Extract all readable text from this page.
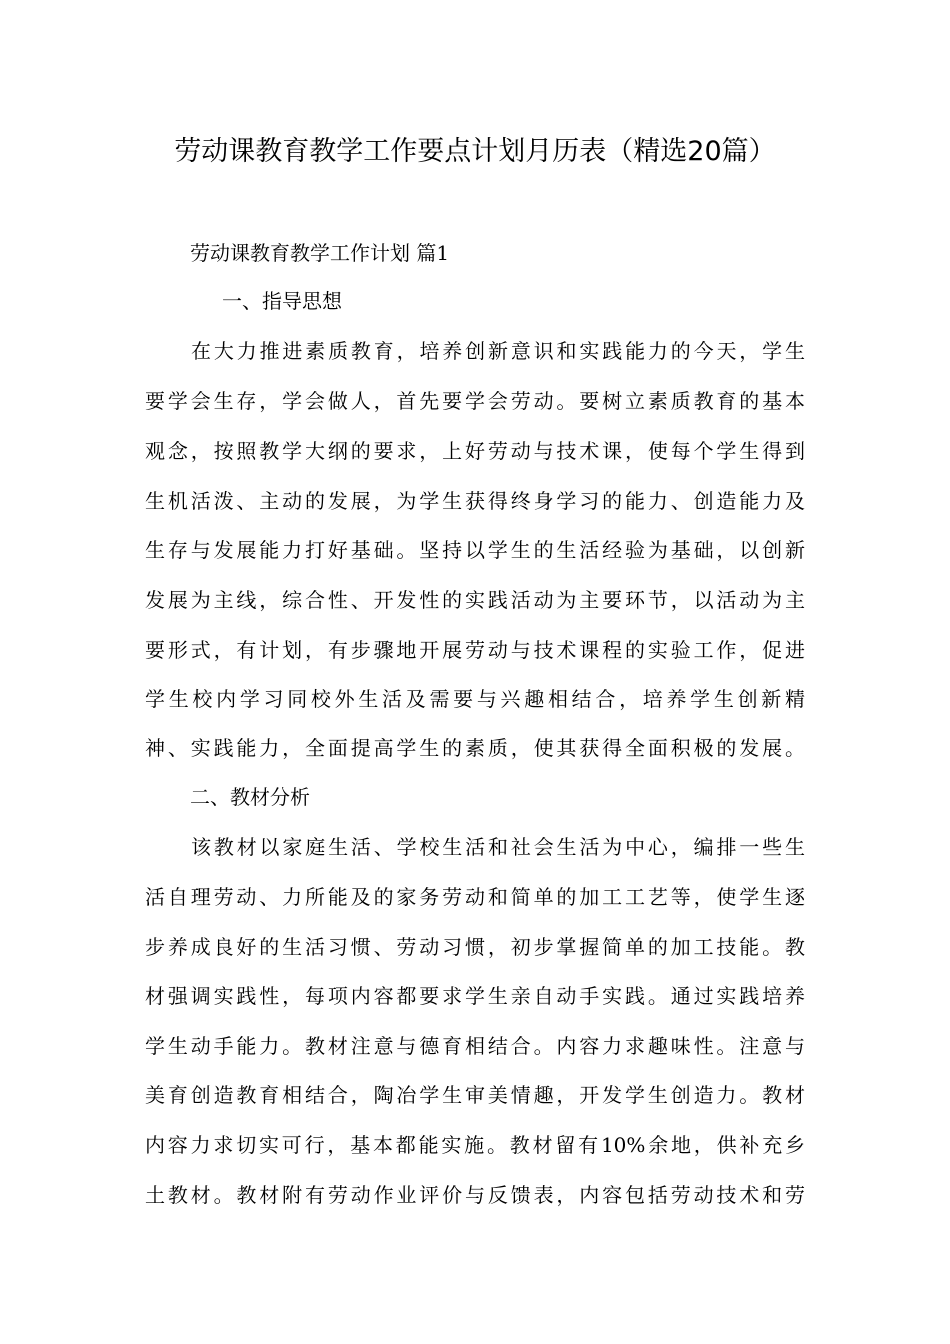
劳动课教育教学工作要点计划月历表（精选20篇）
劳动课教育教学工作计划 篇1
一、指导思想
在大力推进素质教育，培养创新意识和实践能力的今天，学生
要学会生存，学会做人，首先要学会劳动。要树立素质教育的基本
观念，按照教学大纲的要求，上好劳动与技术课，使每个学生得到
生机活泼、主动的发展，为学生获得终身学习的能力、创造能力及
生存与发展能力打好基础。坚持以学生的生活经验为基础，以创新
发展为主线，综合性、开发性的实践活动为主要环节，以活动为主
要形式，有计划，有步骤地开展劳动与技术课程的实验工作，促进
学生校内学习同校外生活及需要与兴趣相结合，培养学生创新精
神、实践能力，全面提高学生的素质，使其获得全面积极的发展。
二、教材分析
该教材以家庭生活、学校生活和社会生活为中心，编排一些生
活自理劳动、力所能及的家务劳动和简单的加工工艺等，使学生逐
步养成良好的生活习惯、劳动习惯，初步掌握简单的加工技能。教
材强调实践性，每项内容都要求学生亲自动手实践。通过实践培养
学生动手能力。教材注意与德育相结合。内容力求趣味性。注意与
美育创造教育相结合，陶冶学生审美情趣，开发学生创造力。教材
内容力求切实可行，基本都能实施。教材留有10%余地，供补充乡
土教材。教材附有劳动作业评价与反馈表，内容包括劳动技术和劳
